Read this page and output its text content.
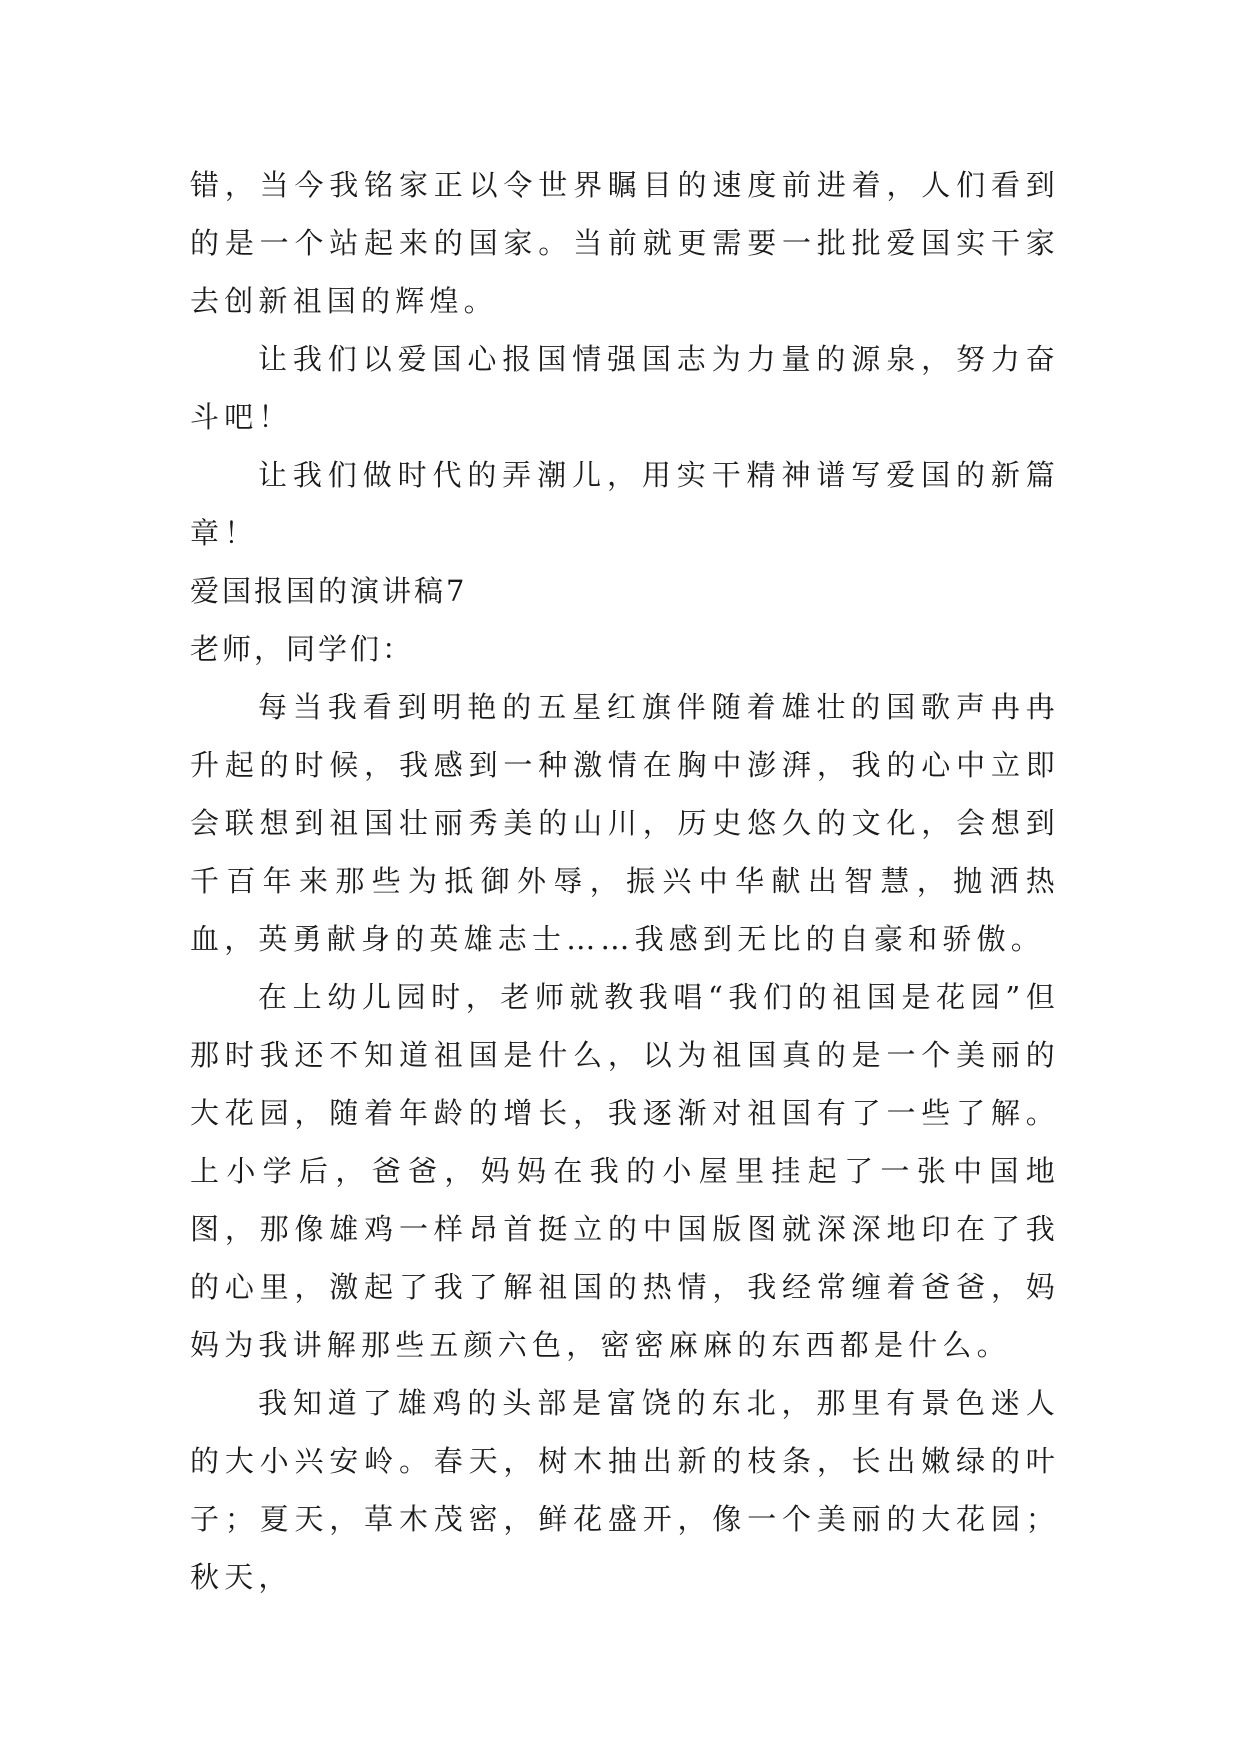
错，当今我铭家正以令世界瞩目的速度前进着，人们看到的是一个站起来的国家。当前就更需要一批批爱国实干家去创新祖国的辉煌。

让我们以爱国心报国情强国志为力量的源泉，努力奋斗吧！

让我们做时代的弄潮儿，用实干精神谱写爱国的新篇章！

爱国报国的演讲稿7

老师，同学们：

每当我看到明艳的五星红旗伴随着雄壮的国歌声冉冉升起的时候，我感到一种激情在胸中澎湃，我的心中立即会联想到祖国壮丽秀美的山川，历史悠久的文化，会想到千百年来那些为抵御外辱，振兴中华献出智慧，抛洒热血，英勇献身的英雄志士……我感到无比的自豪和骄傲。

在上幼儿园时，老师就教我唱“我们的祖国是花园”但那时我还不知道祖国是什么，以为祖国真的是一个美丽的大花园，随着年龄的增长，我逐渐对祖国有了一些了解。上小学后，爸爸，妈妈在我的小屋里挂起了一张中国地图，那像雄鸡一样昂首挺立的中国版图就深深地印在了我的心里，激起了我了解祖国的热情，我经常缠着爸爸，妈妈为我讲解那些五颜六色，密密麻麻的东西都是什么。

我知道了雄鸡的头部是富饶的东北，那里有景色迷人的大小兴安岭。春天，树木抽出新的枝条，长出嫩绿的叶子；夏天，草木茂密，鲜花盛开，像一个美丽的大花园；秋天，
